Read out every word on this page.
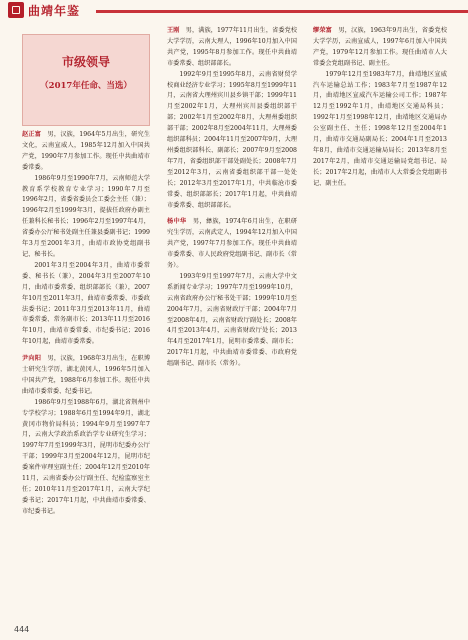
曲靖年鉴
市级领导
（2017年任命、当选）

赵正富　 男，汉族，1964年5月出生，研究生文化，云南宣威人，1985年12月加入中国共产党，1990年7月参加工作。现任中共曲靖市委常委。

1986年9月至1990年7月，云南师范大学教育系学校教育专业学习；1990年7月至1996年2月，省委省委员会工委会主任（兼）；1996年2月至1999年3月，提拔任政府办副主任兼科长秘书长；1996年2月至1997年4月，省委办公厅秘书处副主任兼县委副书记；1999年3月至2001年3月，曲靖市政协党组副书记、秘书长。

2001年3月至2004年3月，曲靖市委常委、秘书长（兼），2004年3月至2007年10月，曲靖市委常委、组织部部长（兼），2007年10月至2011年3月，曲靖市委常委、市委政法委书记；2011年3月至2013年11月，曲靖市委常委、常务副市长；2013年11月至2016年10月，曲靖市委常委、市纪委书记；2016年10月起，曲靖市委常委。

尹向阳　 男，汉族，1968年3月出生，在职博士研究生学历，湖北黄冈人，1996年5月加入中国共产党，1988年6月参加工作。现任中共曲靖市委常委、纪委书记。

1986年9月至1988年6月，湖北省荆州中专学校学习；1988年6月至1994年9月，湖北黄冈市物价局科员；1994年9月至1997年7月，云南大学政治系政治学专业研究生学习；1997年7月至1999年3月，昆明市纪委办公厅干部；1999年3月至2004年12月，昆明市纪委案件审理室副主任；2004年12月至2010年11月，云南省委办公厅副主任、纪检监察室主任；2010年11月至2017年1月，云南大学纪委书记；2017年1月起，中共曲靖市委常委、市纪委书记。

王刚　 男，满族，1977年11月出生，省委党校大学学历，云南大理人，1996年10月加入中国共产党，1995年8月参加工作。现任中共曲靖市委常委、组织部部长。

1992年9月至1995年8月，云南省财贸学校商业经济专业学习；1995年8月至1999年11月，云南省大理州宾川县乡镇干部；1999年11月至2002年1月，大理州宾川县委组织部干部；2002年1月至2002年8月，大理州委组织部干部；2002年8月至2004年11月，大理州委组织部科员；2004年11月至2007年9月，大理州委组织部科长、副部长；2007年9月至2008年7月，省委组织部干部处副处长；2008年7月至2012年3月，云南省委组织部干部一处处长；2012年3月至2017年1月，中共临沧市委常委、组织部部长；2017年1月起，中共曲靖市委常委、组织部部长。

杨中华　 男，彝族，1974年6月出生，在职研究生学历，云南武定人，1994年12月加入中国共产党，1997年7月参加工作。现任中共曲靖市委常委、市人民政府党组副书记、副市长（常务）。

1993年9月至1997年7月，云南大学中文系新闻专业学习；1997年7月至1999年10月，云南省政府办公厅秘书处干部；1999年10月至2004年7月，云南省财政厅干部；2004年7月至2008年4月，云南省财政厅副处长；2008年4月至2013年4月，云南省财政厅处长；2013年4月至2017年1月，昆明市委常委、副市长；2017年1月起，中共曲靖市委常委、市政府党组副书记、副市长（常务）。

缪荣富　 男，汉族，1963年9月出生，省委党校大学学历，云南宣威人，1997年6月加入中国共产党，1979年12月参加工作。现任曲靖市人大常委会党组副书记、副主任。

1979年12月至1983年7月，曲靖地区宣威汽车运输总站工作；1983年7月至1987年12月，曲靖地区宣威汽车运输公司工作；1987年12月至1992年1月，曲靖地区交通局科员；1992年1月至1998年12月，曲靖地区交通局办公室副主任、主任；1998年12月至2004年1月，曲靖市交通局副局长；2004年1月至2013年8月，曲靖市交通运输局局长；2013年8月至2017年2月，曲靖市交通运输局党组书记、局长；2017年2月起，曲靖市人大常委会党组副书记、副主任。

444
